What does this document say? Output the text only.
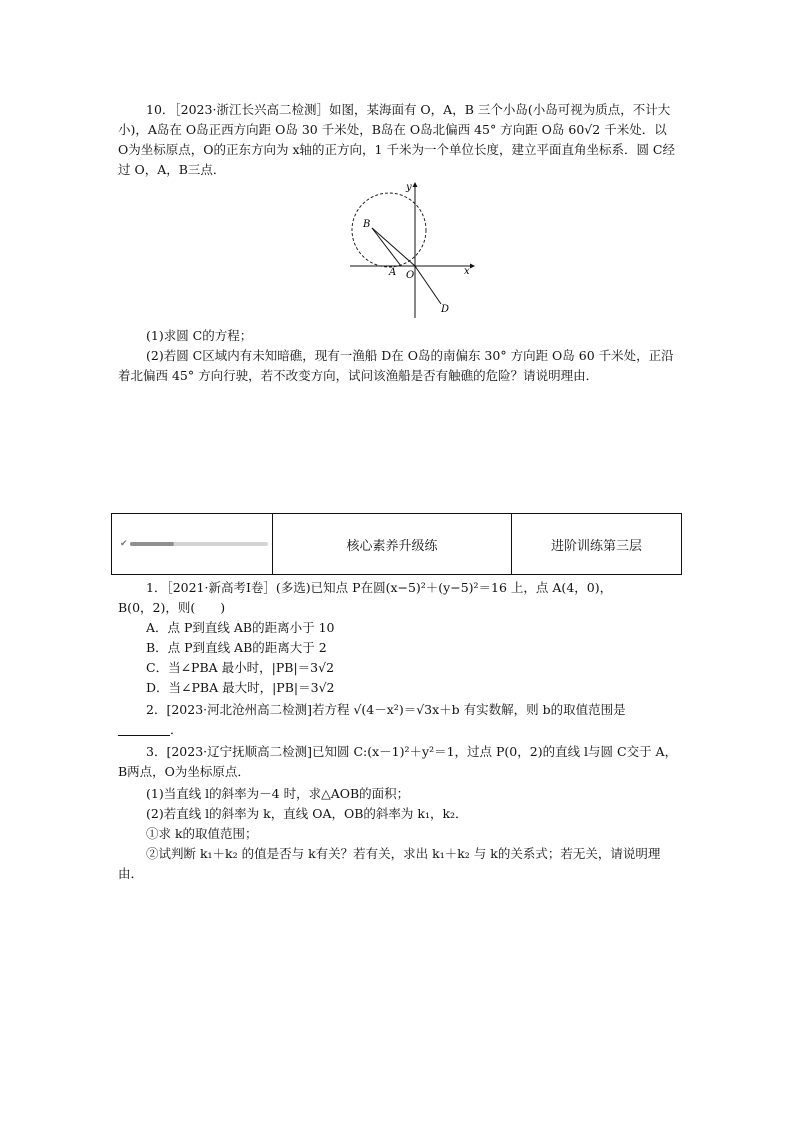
10．［2023·浙江长兴高二检测］如图，某海面有 O，A，B 三个小岛(小岛可视为质点，不计大小)，A岛在 O岛正西方向距 O岛 30 千米处，B岛在 O岛北偏西 45° 方向距 O岛 60√2 千米处．以 O为坐标原点，O的正东方向为 x轴的正方向，1 千米为一个单位长度，建立平面直角坐标系．圆 C经过 O，A，B三点．

y
x
B
A O
D
(1)求圆 C的方程；

(2)若圆 C区域内有未知暗礁，现有一渔船 D在 O岛的南偏东 30° 方向距 O岛 60 千米处，正沿着北偏西 45° 方向行驶，若不改变方向，试问该渔船是否有触礁的危险？请说明理由．

✔	核心素养升级练	进阶训练第三层
1．［2021·新高考Ⅰ卷］(多选)已知点 P在圆(x−5)²＋(y−5)²＝16 上，点 A(4，0)，
B(0，2)，则(　　)
A．点 P到直线 AB的距离小于 10
B．点 P到直线 AB的距离大于 2
C．当∠PBA 最小时，|PB|＝3√2
D．当∠PBA 最大时，|PB|＝3√2
2．[2023·河北沧州高二检测]若方程 √(4－x²)＝√3x＋b 有实数解，则 b的取值范围是
．

3．[2023·辽宁抚顺高二检测]已知圆 C:(x－1)²＋y²＝1，过点 P(0，2)的直线 l与圆 C交于 A，B两点，O为坐标原点．

(1)当直线 l的斜率为－4 时，求△AOB的面积；
(2)若直线 l的斜率为 k，直线 OA，OB的斜率为 k₁，k₂．
①求 k的取值范围；

②试判断 k₁＋k₂ 的值是否与 k有关？若有关，求出 k₁＋k₂ 与 k的关系式；若无关，请说明理由．
